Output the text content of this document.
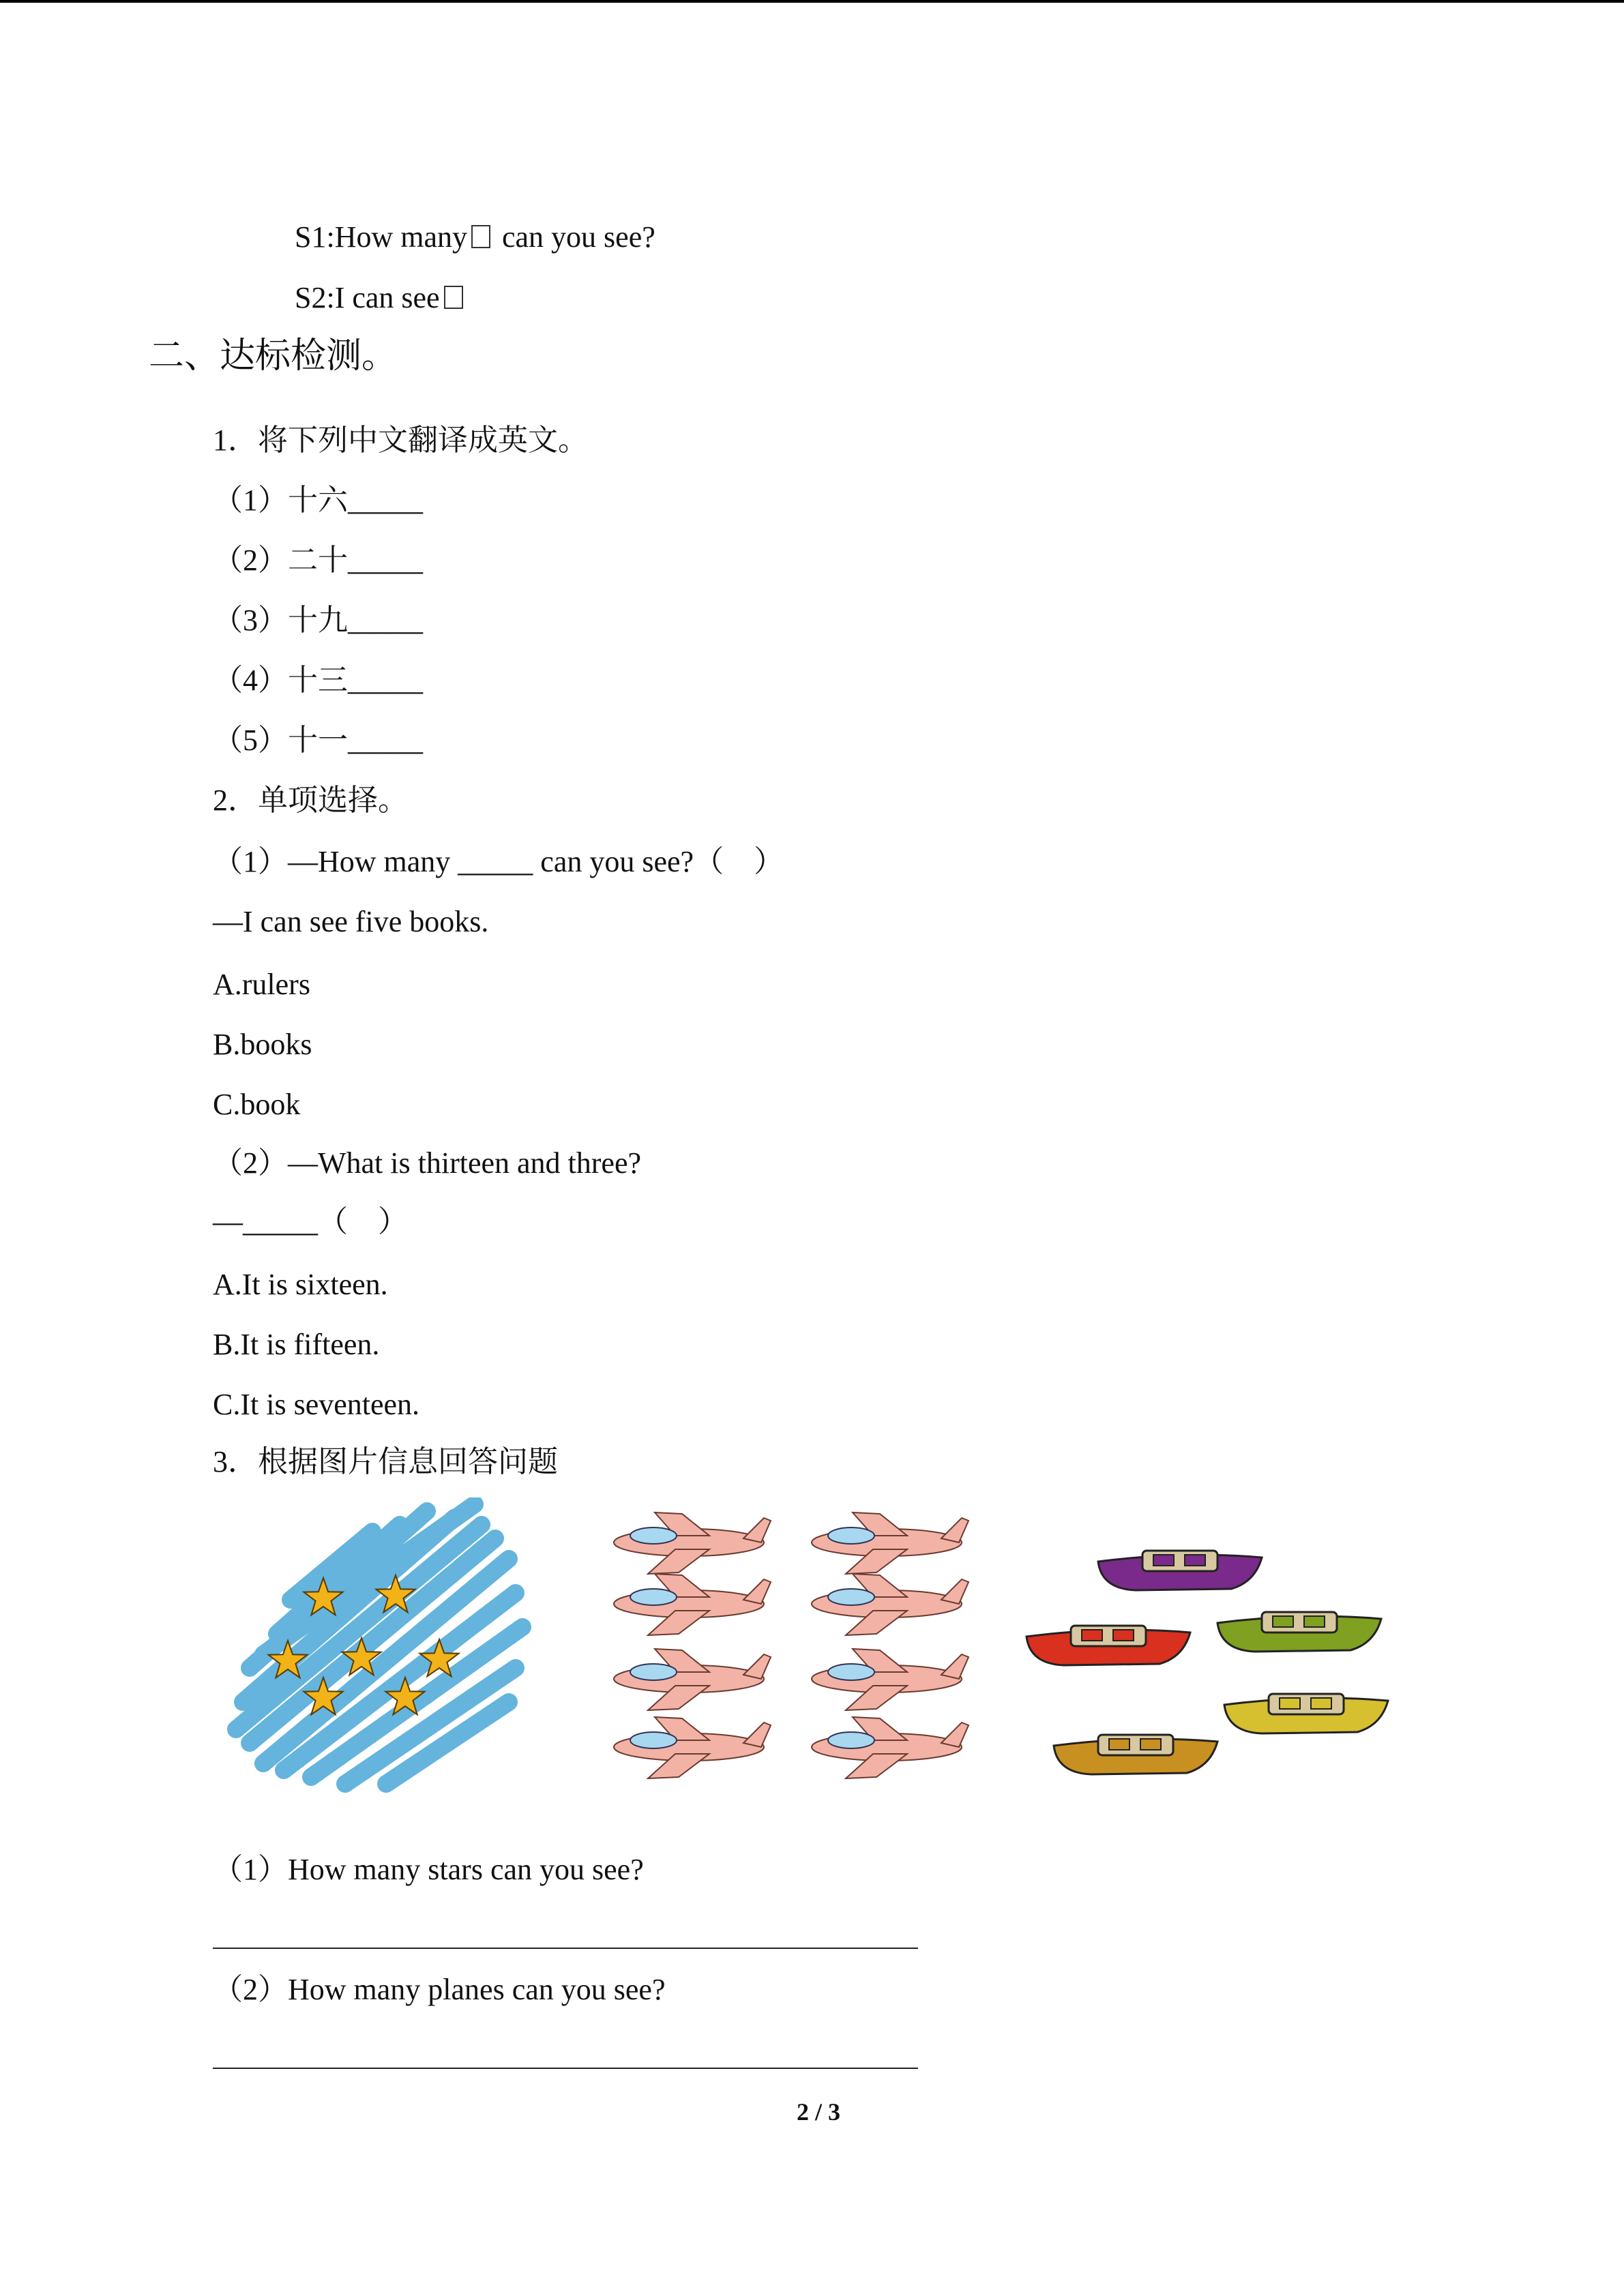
S1:How many can you see?
S2:I can see
二、达标检测。
1．将下列中文翻译成英文。
（1）十六_____
（2）二十_____
（3）十九_____
（4）十三_____
（5）十一_____
2．单项选择。
（1）—How many _____ can you see?（　）
—I can see five books.
A.rulers
B.books
C.book
（2）—What is thirteen and three?
—_____（　）
A.It is sixteen.
B.It is fifteen.
C.It is seventeen.
3．根据图片信息回答问题
（1）How many stars can you see?
（2）How many planes can you see?
2 / 3
